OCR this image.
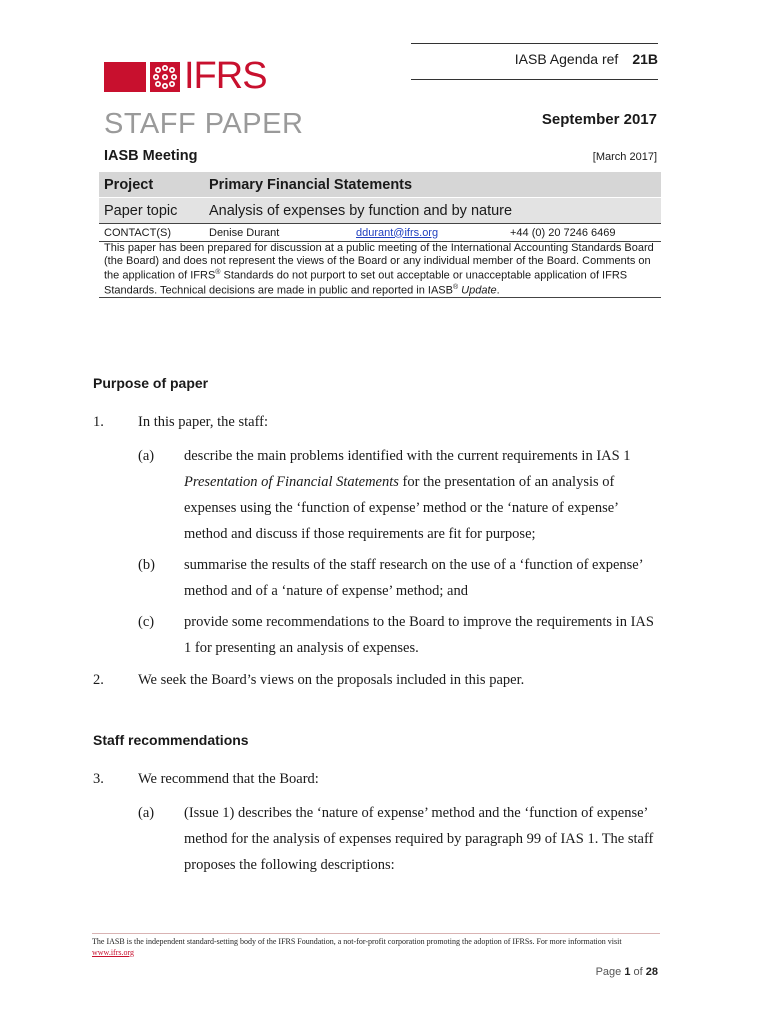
IASB Agenda ref 21B
IFRS
STAFF PAPER	September 2017
IASB Meeting	[March 2017]
Project	Primary Financial Statements
Paper topic	Analysis of expenses by function and by nature
CONTACT(S)	Denise Durant ddurant@ifrs.org +44 (0) 20 7246 6469
This paper has been prepared for discussion at a public meeting of the International Accounting Standards Board (the Board) and does not represent the views of the Board or any individual member of the Board. Comments on the application of IFRS® Standards do not purport to set out acceptable or unacceptable application of IFRS Standards. Technical decisions are made in public and reported in IASB® Update.	
Purpose of paper
1. In this paper, the staff:
(a) describe the main problems identified with the current requirements in IAS 1 Presentation of Financial Statements for the presentation of an analysis of expenses using the ‘function of expense’ method or the ‘nature of expense’ method and discuss if those requirements are fit for purpose;
(b) summarise the results of the staff research on the use of a ‘function of expense’ method and of a ‘nature of expense’ method; and
(c) provide some recommendations to the Board to improve the requirements in IAS 1 for presenting an analysis of expenses.
2. We seek the Board’s views on the proposals included in this paper.
Staff recommendations
3. We recommend that the Board:
(a) (Issue 1) describes the ‘nature of expense’ method and the ‘function of expense’ method for the analysis of expenses required by paragraph 99 of IAS 1. The staff proposes the following descriptions:
The IASB is the independent standard-setting body of the IFRS Foundation, a not-for-profit corporation promoting the adoption of IFRSs. For more information visit www.ifrs.org
Page 1 of 28
